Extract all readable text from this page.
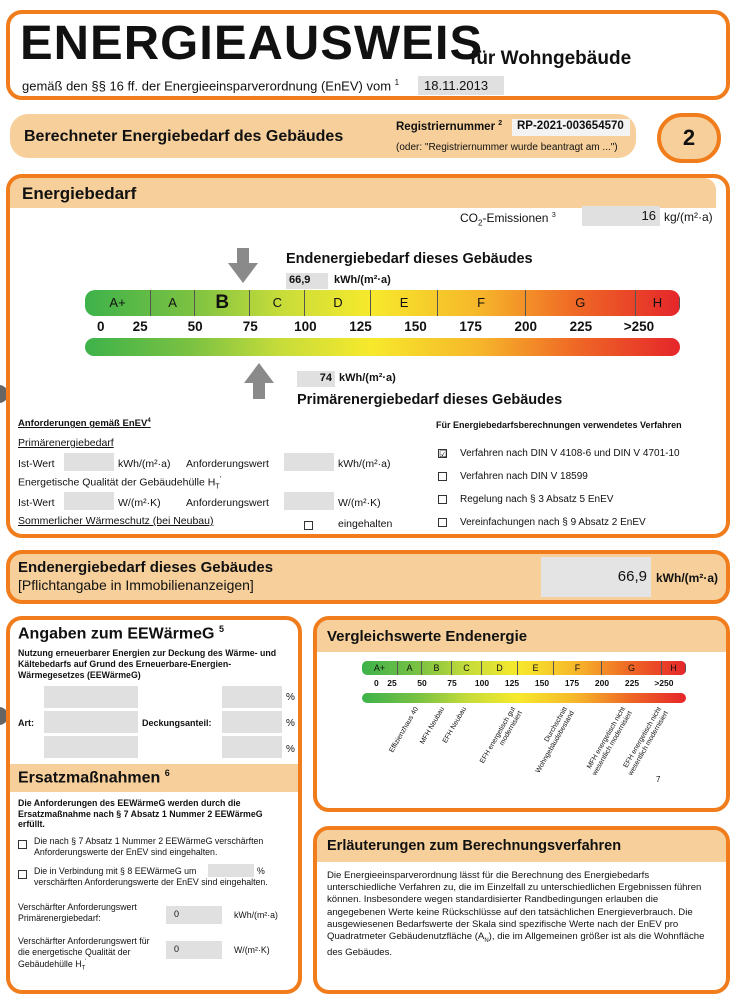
ENERGIEAUSWEIS
für Wohngebäude
gemäß den §§ 16 ff. der Energieeinsparverordnung (EnEV) vom $^1$	18.11.2013
Berechneter Energiebedarf des Gebäudes
Registriernummer $^2$	RP-2021-003654570
(oder: "Registriernummer wurde beantragt am ...")	2
Energiebedarf
$CO_2$-Emissionen $^3$	16 kg/(m²·a)
Endenergiebedarf dieses Gebäudes
66,9	kWh/(m²·a)
A+	A	B	C	D	E	F	G	H
0 25	50	75	100 125 150 175 200 225 >250
74 kWh/(m²·a)
Primärenergiebedarf dieses Gebäudes
Anforderungen gemäß EnEV$^4$
Primärenergiebedarf
Ist-Wert	kWh/(m²·a) Anforderungswert	kWh/(m²·a)
Energetische Qualität der Gebäudehülle $H_T'$
Ist-Wert	W/(m²·K) Anforderungswert	W/(m²·K)
Sommerlicher Wärmeschutz (bei Neubau)	eingehalten
Für Energiebedarfsberechnungen verwendetes Verfahren
☑ Verfahren nach DIN V 4108-6 und DIN V 4701-10
Verfahren nach DIN V 18599
Regelung nach § 3 Absatz 5 EnEV
Vereinfachungen nach § 9 Absatz 2 EnEV
Endenergiebedarf dieses Gebäudes
[Pflichtangabe in Immobilienanzeigen]	66,9 kWh/(m²·a)
Angaben zum EEWärmeG $^5$
Nutzung erneuerbarer Energien zur Deckung des Wärme- und Kältebedarfs auf Grund des Erneuerbare-Energien-Wärmegesetzes (EEWärmeG)
Art:	Deckungsanteil:
%
%
%
Ersatzmaßnahmen $^6$
Die Anforderungen des EEWärmeG werden durch die Ersatzmaßnahme nach § 7 Absatz 1 Nummer 2 EEWärmeG erfüllt.
Die nach § 7 Absatz 1 Nummer 2 EEWärmeG verschärften Anforderungswerte der EnEV sind eingehalten.
Die in Verbindung mit § 8 EEWärmeG um	%
verschärften Anforderungswerte der EnEV sind eingehalten.
Verschärfter Anforderungswert Primärenergiebedarf:	0	kWh/(m²·a)
Verschärfter Anforderungswert für die energetische Qualität der Gebäudehülle $H_T'$
0	W/(m²·K)
Vergleichswerte Endenergie
A+	A	B	C	D	E	F	G	H
0 25 50 75 100 125 150 175 200 225 >250
Effizienzhaus 40 MFH Neubau
EFH Neubau	EFH energetisch gut modernisiert	Durchschnitt Wohngebäudebestand	MFH energetisch nicht wesentlich modernisiert
EFH energetisch nicht wesentlich modernisiert
7
Erläuterungen zum Berechnungsverfahren
Die Energieeinsparverordnung lässt für die Berechnung des Energiebedarfs unterschiedliche Verfahren zu, die im Einzelfall zu unterschiedlichen Ergebnissen führen können. Insbesondere wegen standardisierter Randbedingungen erlauben die angegebenen Werte keine Rückschlüsse auf den tatsächlichen Energieverbrauch. Die ausgewiesenen Bedarfswerte der Skala sind spezifische Werte nach der EnEV pro Quadratmeter Gebäudenutzfläche $(A_N)$, die im Allgemeinen größer ist als die Wohnfläche des Gebäudes.
